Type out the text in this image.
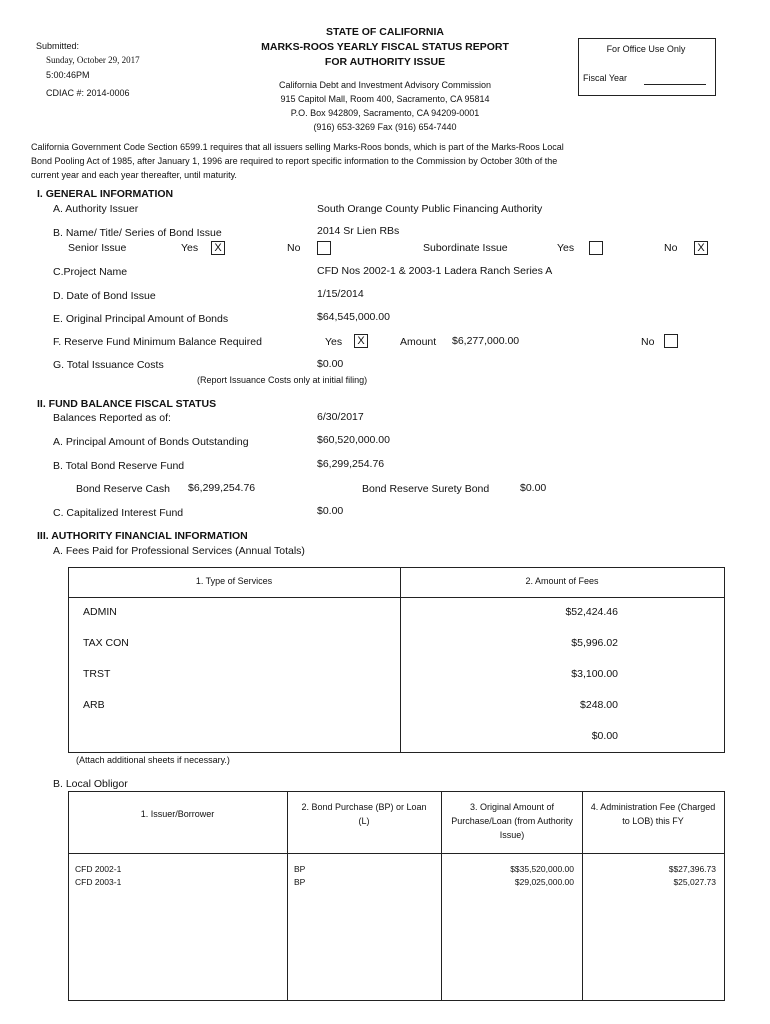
STATE OF CALIFORNIA
MARKS-ROOS YEARLY FISCAL STATUS REPORT
FOR AUTHORITY ISSUE
California Debt and Investment Advisory Commission
915 Capitol Mall, Room 400, Sacramento, CA 95814
P.O. Box 942809, Sacramento, CA 94209-0001
(916) 653-3269 Fax (916) 654-7440
Submitted:
Sunday, October 29, 2017
5:00:46PM
CDIAC #: 2014-0006
For Office Use Only
Fiscal Year
California Government Code Section 6599.1 requires that all issuers selling Marks-Roos bonds, which is part of the Marks-Roos Local
Bond Pooling Act of 1985, after January 1, 1996 are required to report specific information to the Commission by October 30th of the
current year and each year thereafter, until maturity.
I. GENERAL INFORMATION
A. Authority Issuer	South Orange County Public Financing Authority
B. Name/ Title/ Series of Bond Issue	2014 Sr Lien RBs
Senior Issue	Yes	X	No	Subordinate Issue	Yes	No	X
C.Project Name	CFD Nos 2002-1 & 2003-1 Ladera Ranch Series A
D. Date of Bond Issue	1/15/2014
E. Original Principal Amount of Bonds	$64,545,000.00
F. Reserve Fund Minimum Balance Required	Yes	X	Amount $6,277,000.00	No
G. Total Issuance Costs	$0.00
(Report Issuance Costs only at initial filing)
II. FUND BALANCE FISCAL STATUS
Balances Reported as of:	6/30/2017
A. Principal Amount of Bonds Outstanding	$60,520,000.00
B. Total Bond Reserve Fund	$6,299,254.76
Bond Reserve Cash $6,299,254.76	Bond Reserve Surety Bond	$0.00
C. Capitalized Interest Fund	$0.00
III. AUTHORITY FINANCIAL INFORMATION
A. Fees Paid for Professional Services (Annual Totals)
1. Type of Services	2. Amount of Fees
ADMIN	$52,424.46
TAX CON	$5,996.02
TRST	$3,100.00
ARB	$248.00
$0.00
(Attach additional sheets if necessary.)
B. Local Obligor
1. Issuer/Borrower
2. Bond Purchase (BP) or Loan (L)
3. Original Amount of Purchase/Loan (from Authority Issue)
4. Administration Fee (Charged to LOB) this FY
CFD 2002-1	BP	$$35,520,000.00	$$27,396.73
CFD 2003-1	BP	$29,025,000.00	$25,027.73
